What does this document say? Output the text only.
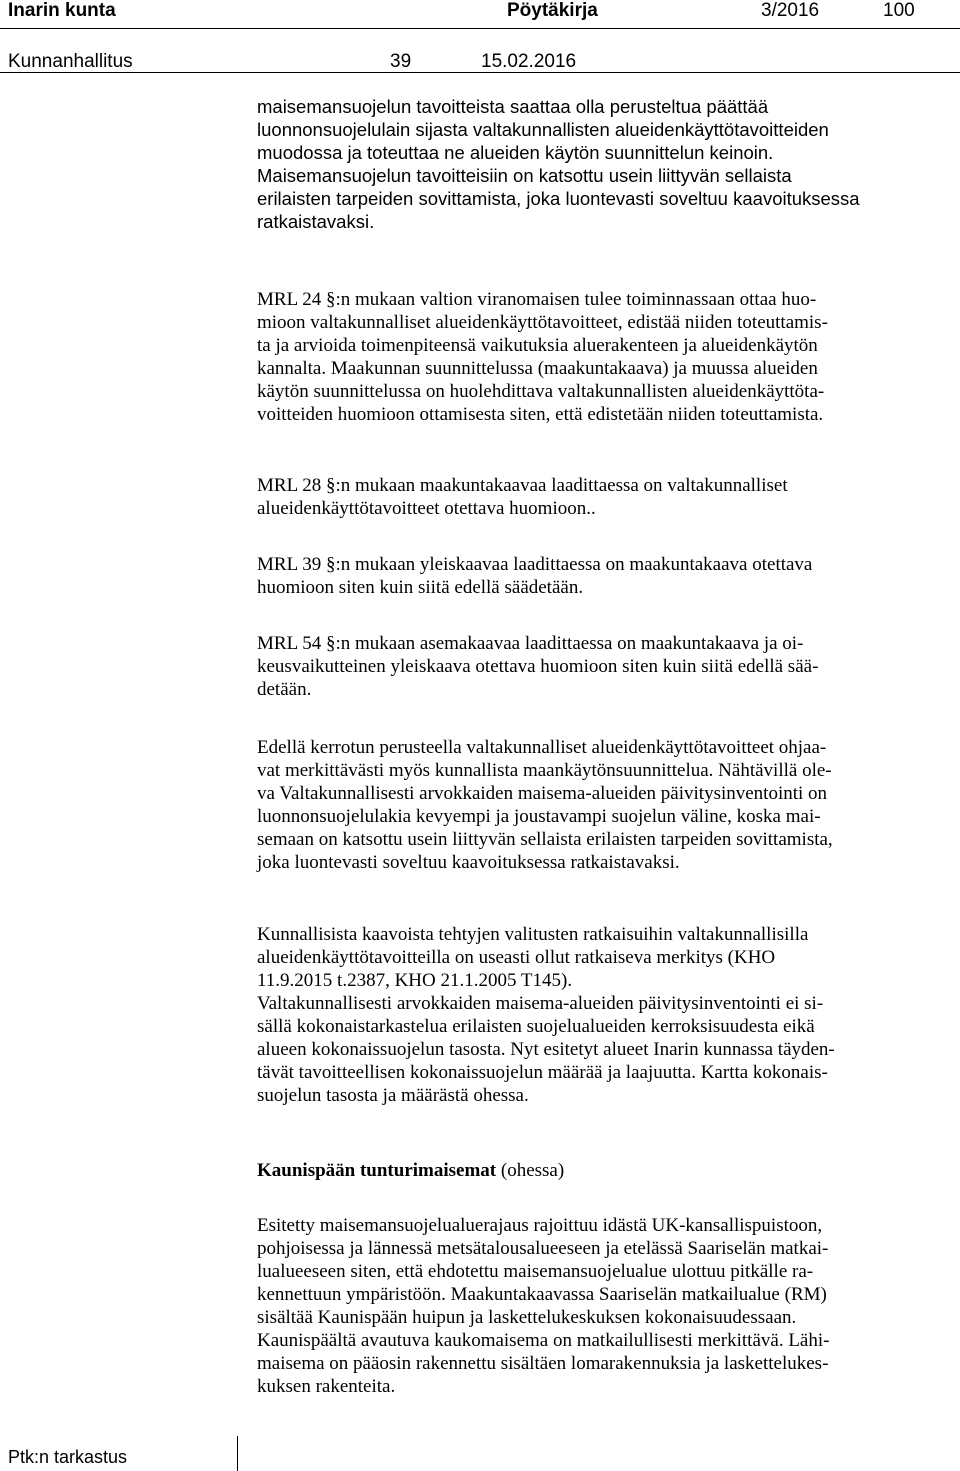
Inarin kunta	Pöytäkirja	3/2016	100
Kunnanhallitus	39	15.02.2016
maisemansuojelun tavoitteista saattaa olla perusteltua päättää
luonnonsuojelulain sijasta valtakunnallisten alueidenkäyttötavoitteiden
muodossa ja toteuttaa ne alueiden käytön suunnittelun keinoin.
Maisemansuojelun tavoitteisiin on katsottu usein liittyvän sellaista
erilaisten tarpeiden sovittamista, joka luontevasti soveltuu kaavoituksessa
ratkaistavaksi.
MRL 24 §:n mukaan valtion viranomaisen tulee toiminnassaan ottaa huo-
mioon valtakunnalliset alueidenkäyttötavoitteet, edistää niiden toteuttamis-
ta ja arvioida toimenpiteensä vaikutuksia aluerakenteen ja alueidenkäytön
kannalta. Maakunnan suunnittelussa (maakuntakaava) ja muussa alueiden
käytön suunnittelussa on huolehdittava valtakunnallisten alueidenkäyttöta-
voitteiden huomioon ottamisesta siten, että edistetään niiden toteuttamista.
MRL 28 §:n mukaan maakuntakaavaa laadittaessa on valtakunnalliset
alueidenkäyttötavoitteet otettava huomioon..
MRL 39 §:n mukaan yleiskaavaa laadittaessa on maakuntakaava otettava
huomioon siten kuin siitä edellä säädetään.
MRL 54 §:n mukaan asemakaavaa laadittaessa on maakuntakaava ja oi-
keusvaikutteinen yleiskaava otettava huomioon siten kuin siitä edellä sää-
detään.
Edellä kerrotun perusteella valtakunnalliset alueidenkäyttötavoitteet ohjaa-
vat merkittävästi myös kunnallista maankäytönsuunnittelua. Nähtävillä ole-
va Valtakunnallisesti arvokkaiden maisema-alueiden päivitysinventointi on
luonnonsuojelulakia kevyempi ja joustavampi suojelun väline, koska mai-
semaan on katsottu usein liittyvän sellaista erilaisten tarpeiden sovittamista,
joka luontevasti soveltuu kaavoituksessa ratkaistavaksi.
Kunnallisista kaavoista tehtyjen valitusten ratkaisuihin valtakunnallisilla
alueidenkäyttötavoitteilla on useasti ollut ratkaiseva merkitys (KHO
11.9.2015 t.2387, KHO 21.1.2005 T145).
Valtakunnallisesti arvokkaiden maisema-alueiden päivitysinventointi ei si-
sällä kokonaistarkastelua erilaisten suojelualueiden kerroksisuudesta eikä
alueen kokonaissuojelun tasosta. Nyt esitetyt alueet Inarin kunnassa täyden-
tävät tavoitteellisen kokonaissuojelun määrää ja laajuutta. Kartta kokonais-
suojelun tasosta ja määrästä ohessa.
Kaunispään tunturimaisemat (ohessa)
Esitetty maisemansuojelualuerajaus rajoittuu idästä UK-kansallispuistoon,
pohjoisessa ja lännessä metsätalousalueeseen ja etelässä Saariselän matkai-
lualueeseen siten, että ehdotettu maisemansuojelualue ulottuu pitkälle ra-
kennettuun ympäristöön. Maakuntakaavassa Saariselän matkailualue (RM)
sisältää Kaunispään huipun ja laskettelukeskuksen kokonaisuudessaan.
Kaunispäältä avautuva kaukomaisema on matkailullisesti merkittävä. Lähi-
maisema on pääosin rakennettu sisältäen lomarakennuksia ja laskettelukes-
kuksen rakenteita.
Ptk:n tarkastus
